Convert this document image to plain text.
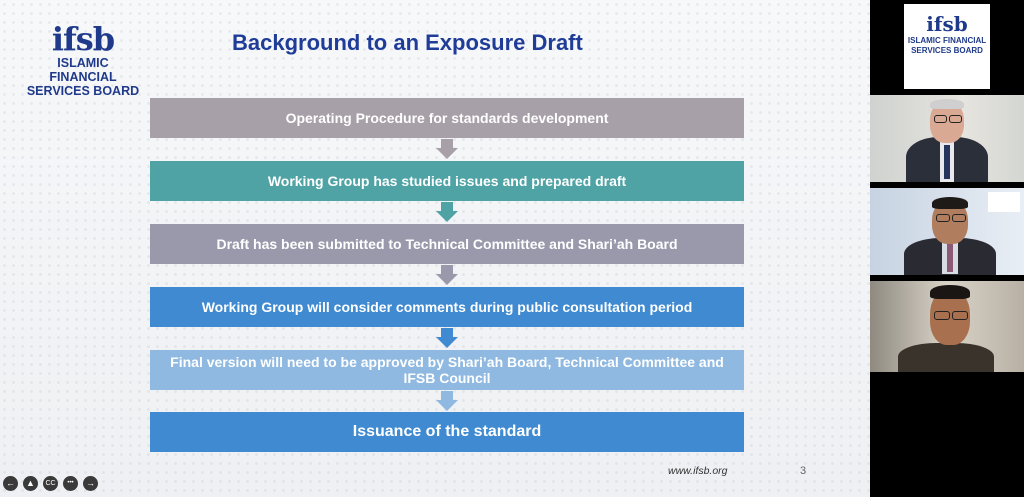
ifsb
ISLAMIC FINANCIAL
SERVICES BOARD
Background to an Exposure Draft
Operating Procedure for standards development
Working Group has studied issues and prepared draft
Draft has been submitted to Technical Committee and Shari’ah Board
Working Group will consider comments during public consultation period
Final version will need to be approved by Shari’ah Board, Technical Committee and IFSB Council
Issuance of the standard
www.ifsb.org	3
←	▲	CC	•••	→
ifsb
ISLAMIC FINANCIAL
SERVICES BOARD
